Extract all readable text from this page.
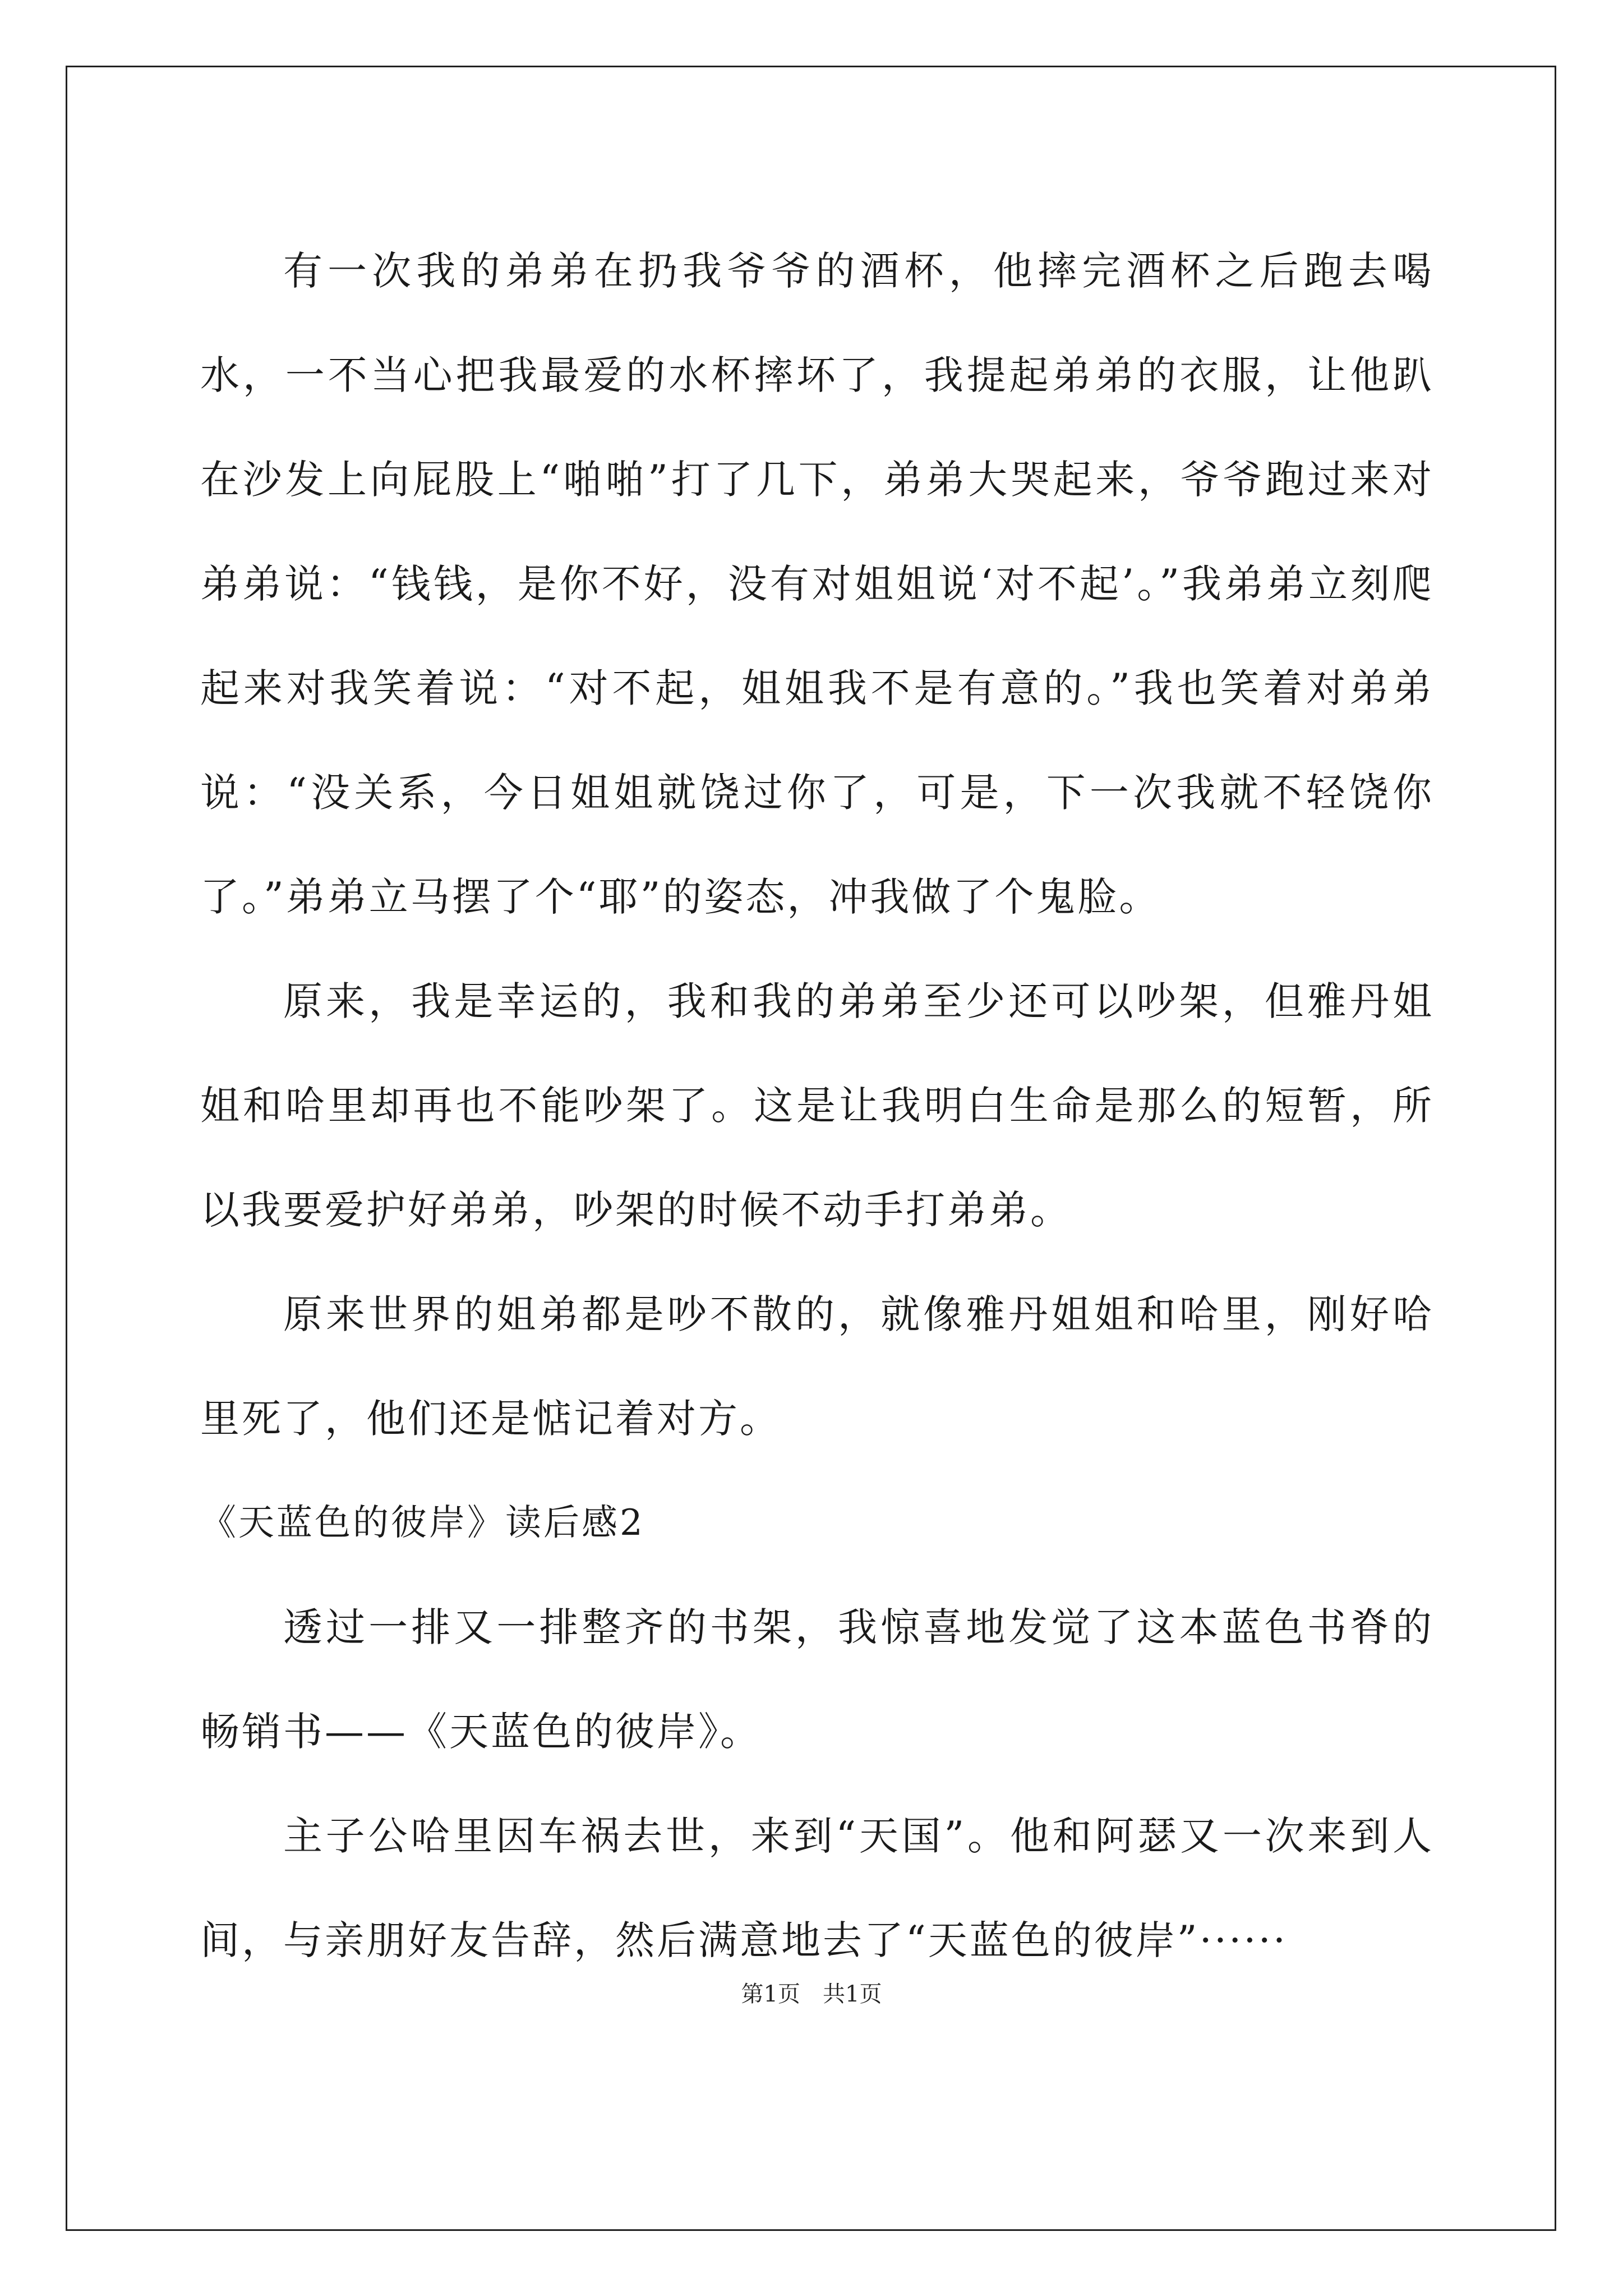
有一次我的弟弟在扔我爷爷的酒杯，他摔完酒杯之后跑去喝水，一不当心把我最爱的水杯摔坏了，我提起弟弟的衣服，让他趴在沙发上向屁股上“啪啪”打了几下，弟弟大哭起来，爷爷跑过来对弟弟说：“钱钱，是你不好，没有对姐姐说‘对不起’。”我弟弟立刻爬起来对我笑着说：“对不起，姐姐我不是有意的。”我也笑着对弟弟说：“没关系，今日姐姐就饶过你了，可是，下一次我就不轻饶你了。”弟弟立马摆了个“耶”的姿态，冲我做了个鬼脸。

原来，我是幸运的，我和我的弟弟至少还可以吵架，但雅丹姐姐和哈里却再也不能吵架了。这是让我明白生命是那么的短暂，所以我要爱护好弟弟，吵架的时候不动手打弟弟。

原来世界的姐弟都是吵不散的，就像雅丹姐姐和哈里，刚好哈里死了，他们还是惦记着对方。

《天蓝色的彼岸》读后感2

透过一排又一排整齐的书架，我惊喜地发觉了这本蓝色书脊的畅销书——《天蓝色的彼岸》。

主子公哈里因车祸去世，来到“天国”。他和阿瑟又一次来到人间，与亲朋好友告辞，然后满意地去了“天蓝色的彼岸”······

第1页　共1页
